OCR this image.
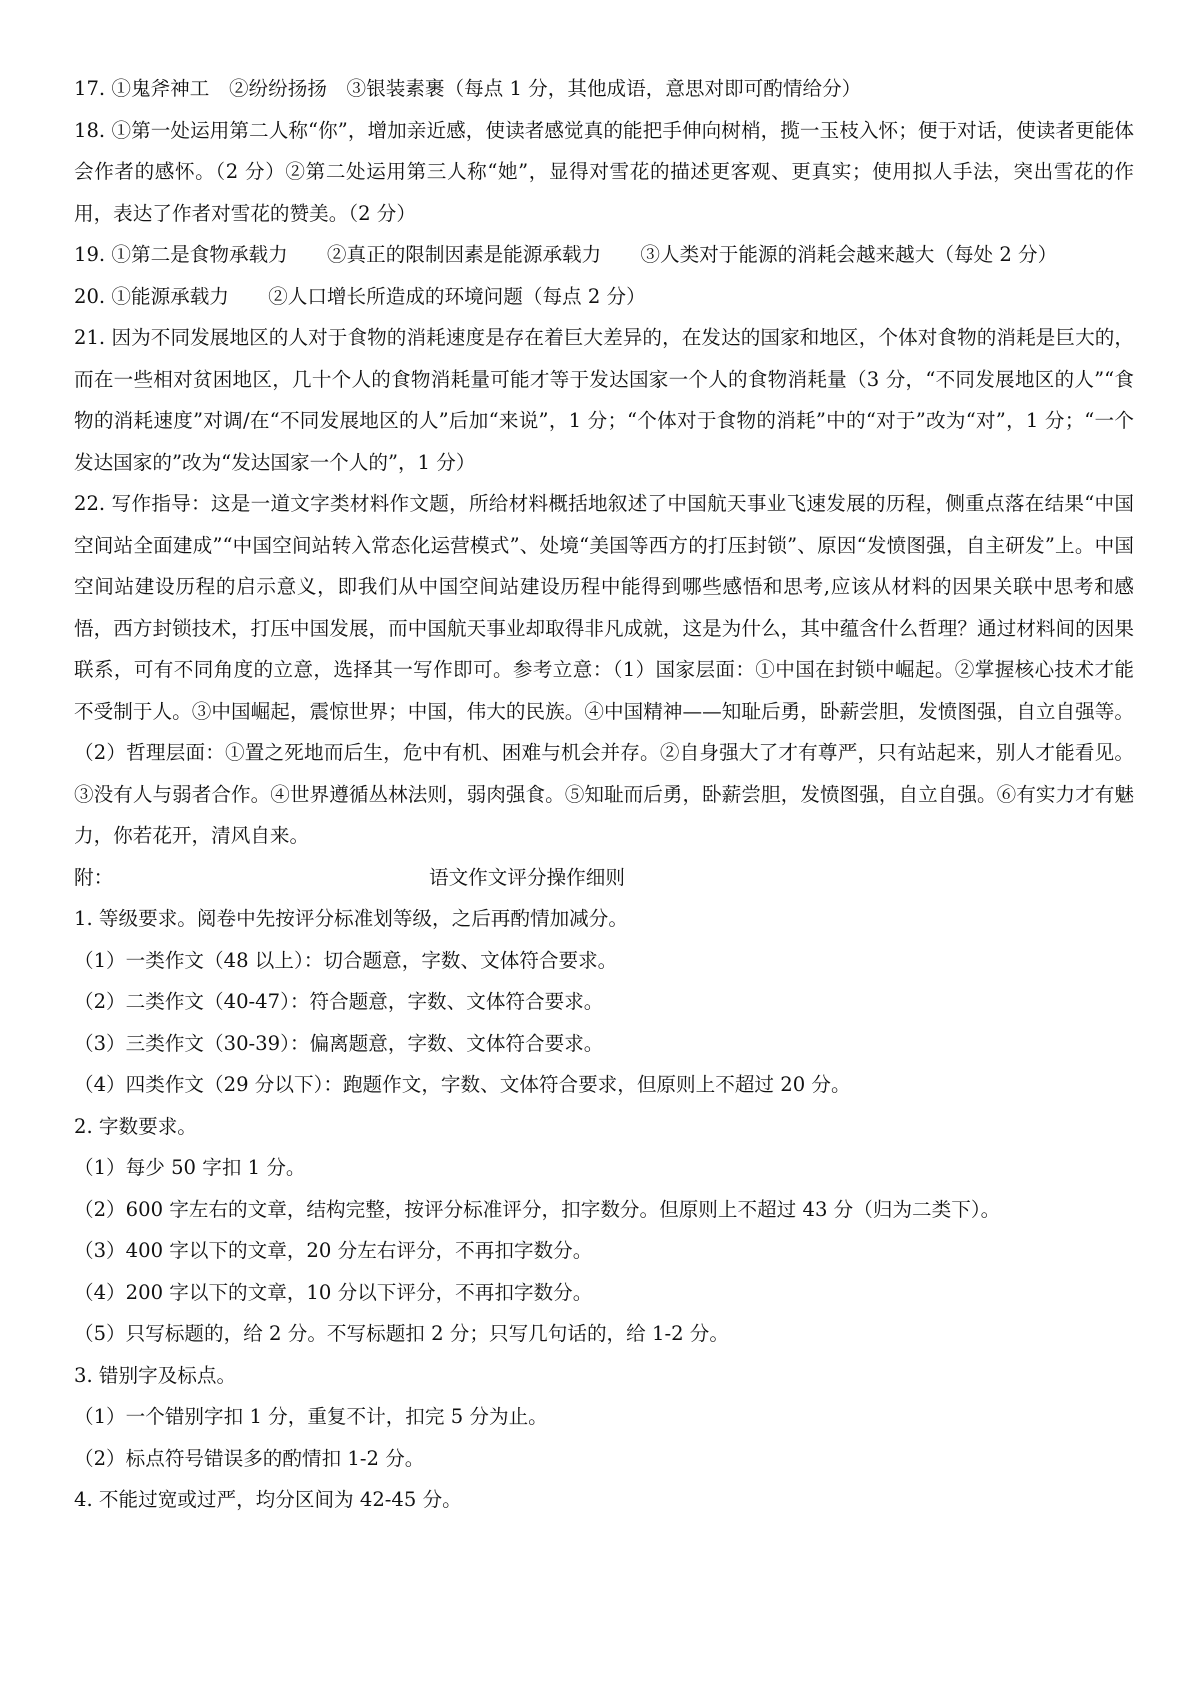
17. ①鬼斧神工　②纷纷扬扬　③银装素裹（每点 1 分，其他成语，意思对即可酌情给分）

18. ①第一处运用第二人称“你”，增加亲近感，使读者感觉真的能把手伸向树梢，揽一玉枝入怀；便于对话，使读者更能体会作者的感怀。（2 分）②第二处运用第三人称“她”，显得对雪花的描述更客观、更真实；使用拟人手法，突出雪花的作用，表达了作者对雪花的赞美。（2 分）

19. ①第二是食物承载力　　②真正的限制因素是能源承载力　　③人类对于能源的消耗会越来越大（每处 2 分）

20. ①能源承载力　　②人口增长所造成的环境问题（每点 2 分）

21. 因为不同发展地区的人对于食物的消耗速度是存在着巨大差异的，在发达的国家和地区，个体对食物的消耗是巨大的，而在一些相对贫困地区，几十个人的食物消耗量可能才等于发达国家一个人的食物消耗量（3 分，“不同发展地区的人”“食物的消耗速度”对调/在“不同发展地区的人”后加“来说”，1 分；“个体对于食物的消耗”中的“对于”改为“对”，1 分；“一个发达国家的”改为“发达国家一个人的”，1 分）

22. 写作指导：这是一道文字类材料作文题，所给材料概括地叙述了中国航天事业飞速发展的历程，侧重点落在结果“中国空间站全面建成”“中国空间站转入常态化运营模式”、处境“美国等西方的打压封锁”、原因“发愤图强，自主研发”上。中国空间站建设历程的启示意义，即我们从中国空间站建设历程中能得到哪些感悟和思考,应该从材料的因果关联中思考和感悟，西方封锁技术，打压中国发展，而中国航天事业却取得非凡成就，这是为什么，其中蕴含什么哲理？通过材料间的因果联系，可有不同角度的立意，选择其一写作即可。参考立意：（1）国家层面：①中国在封锁中崛起。②掌握核心技术才能不受制于人。③中国崛起，震惊世界；中国，伟大的民族。④中国精神——知耻后勇，卧薪尝胆，发愤图强，自立自强等。（2）哲理层面：①置之死地而后生，危中有机、困难与机会并存。②自身强大了才有尊严，只有站起来，别人才能看见。③没有人与弱者合作。④世界遵循丛林法则，弱肉强食。⑤知耻而后勇，卧薪尝胆，发愤图强，自立自强。⑥有实力才有魅力，你若花开，清风自来。

附：	语文作文评分操作细则

1. 等级要求。阅卷中先按评分标准划等级，之后再酌情加减分。

（1）一类作文（48 以上）：切合题意，字数、文体符合要求。

（2）二类作文（40-47）：符合题意，字数、文体符合要求。

（3）三类作文（30-39）：偏离题意，字数、文体符合要求。

（4）四类作文（29 分以下）：跑题作文，字数、文体符合要求，但原则上不超过 20 分。

2. 字数要求。

（1）每少 50 字扣 1 分。

（2）600 字左右的文章，结构完整，按评分标准评分，扣字数分。但原则上不超过 43 分（归为二类下）。

（3）400 字以下的文章，20 分左右评分，不再扣字数分。

（4）200 字以下的文章，10 分以下评分，不再扣字数分。

（5）只写标题的，给 2 分。不写标题扣 2 分；只写几句话的，给 1-2 分。

3. 错别字及标点。

（1）一个错别字扣 1 分，重复不计，扣完 5 分为止。

（2）标点符号错误多的酌情扣 1-2 分。

4. 不能过宽或过严，均分区间为 42-45 分。
